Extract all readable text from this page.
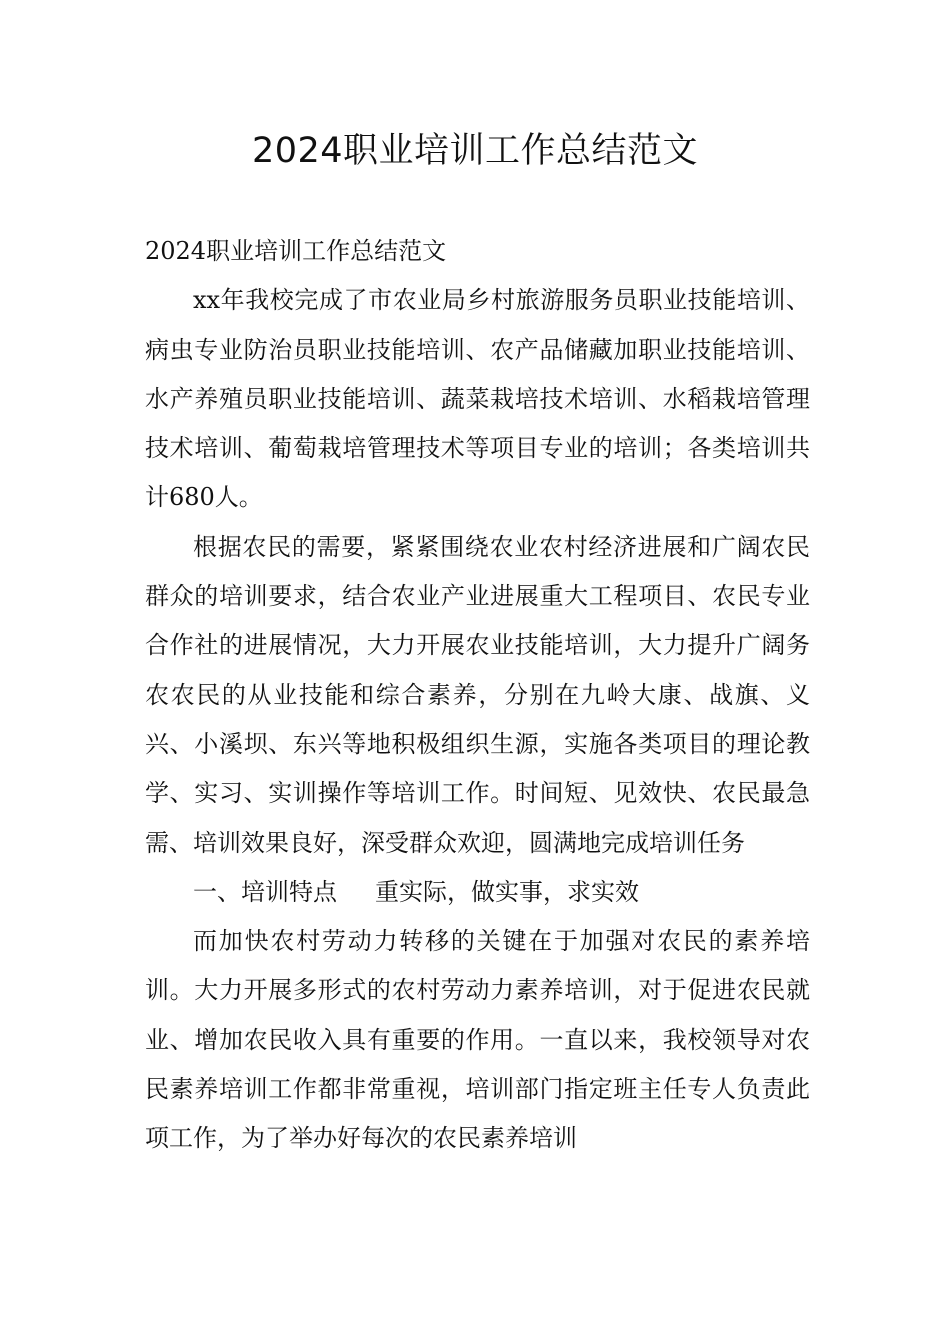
2024职业培训工作总结范文

2024职业培训工作总结范文

xx年我校完成了市农业局乡村旅游服务员职业技能培训、病虫专业防治员职业技能培训、农产品储藏加职业技能培训、水产养殖员职业技能培训、蔬菜栽培技术培训、水稻栽培管理技术培训、葡萄栽培管理技术等项目专业的培训；各类培训共计680人。

根据农民的需要，紧紧围绕农业农村经济进展和广阔农民群众的培训要求，结合农业产业进展重大工程项目、农民专业合作社的进展情况，大力开展农业技能培训，大力提升广阔务农农民的从业技能和综合素养，分别在九岭大康、战旗、义兴、小溪坝、东兴等地积极组织生源，实施各类项目的理论教学、实习、实训操作等培训工作。时间短、见效快、农民最急需、培训效果良好，深受群众欢迎，圆满地完成培训任务

一、培训特点 重实际，做实事，求实效

而加快农村劳动力转移的关键在于加强对农民的素养培训。大力开展多形式的农村劳动力素养培训，对于促进农民就业、增加农民收入具有重要的作用。一直以来，我校领导对农民素养培训工作都非常重视，培训部门指定班主任专人负责此项工作，为了举办好每次的农民素养培训
